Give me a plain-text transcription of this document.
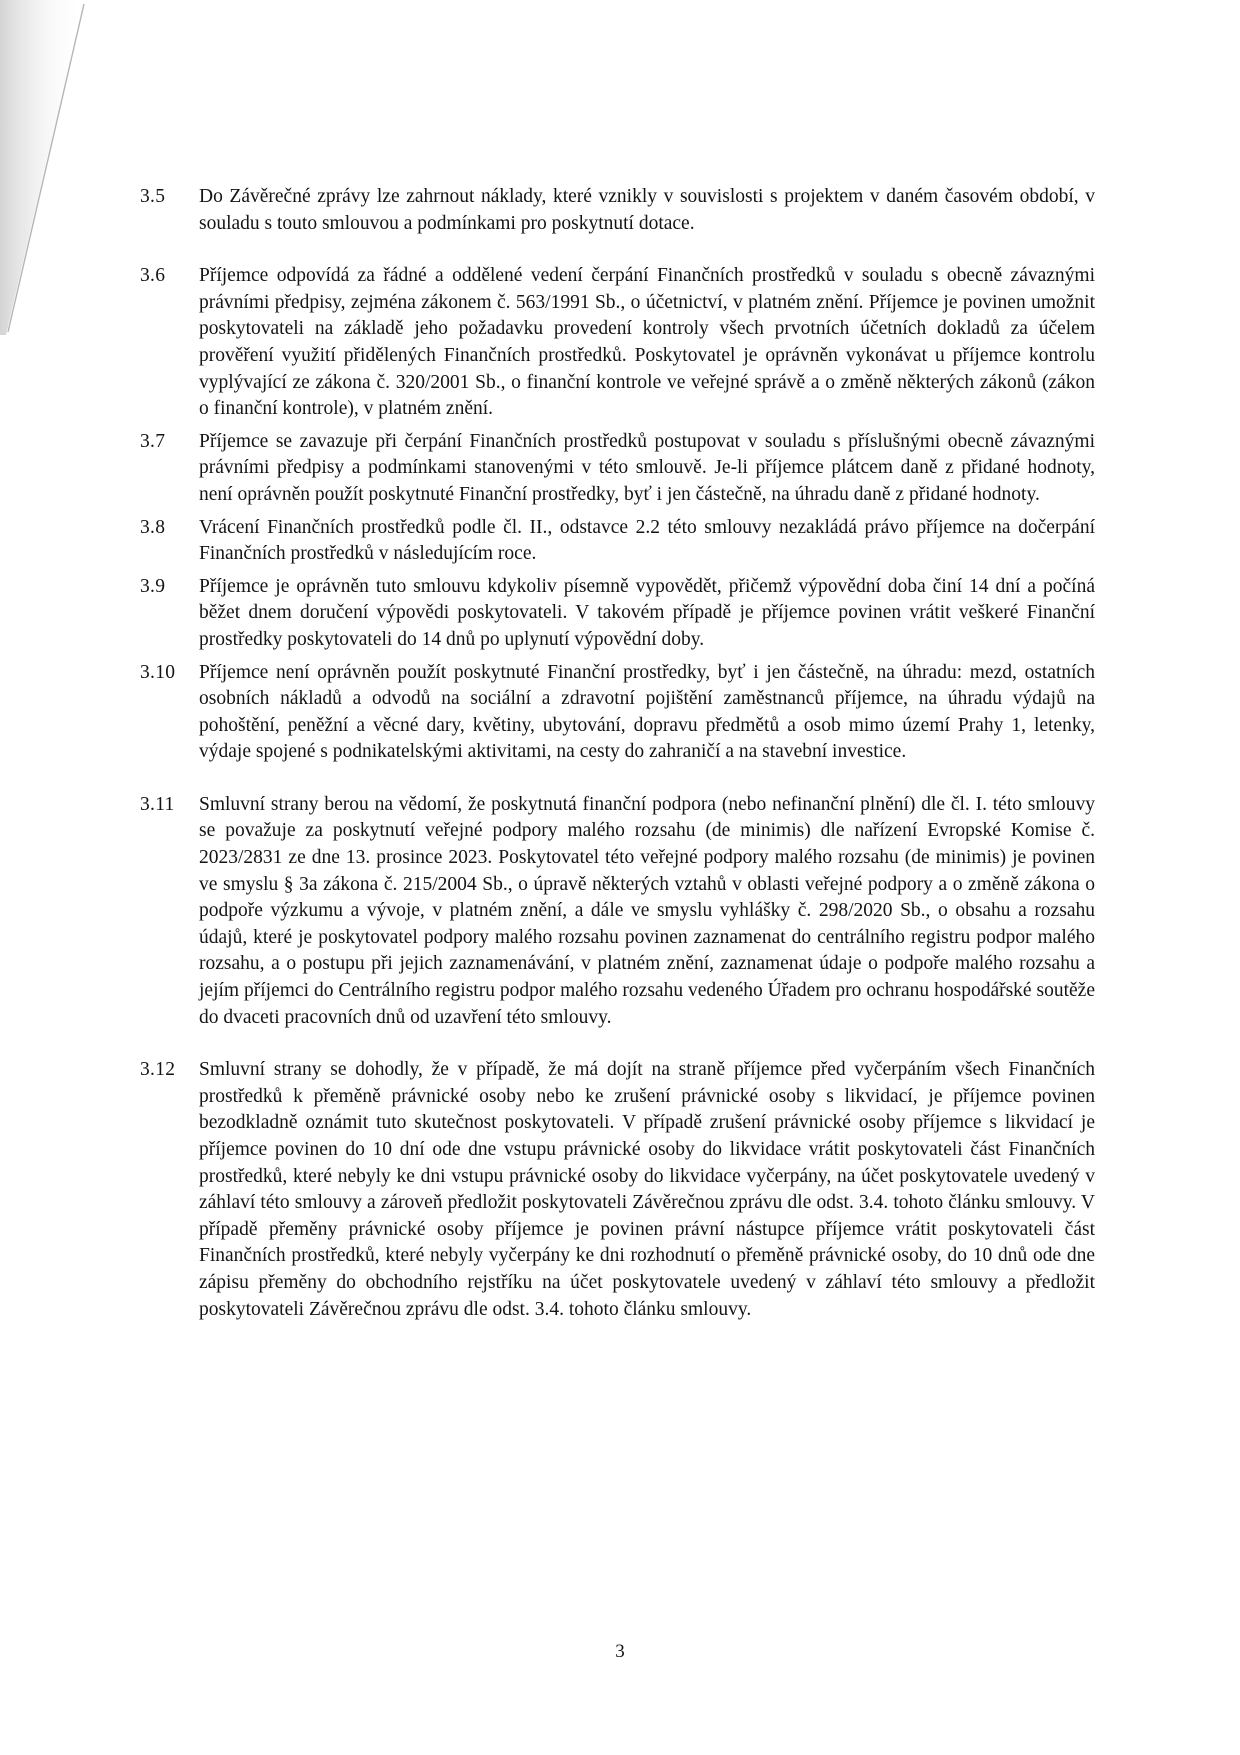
3.5	Do Závěrečné zprávy lze zahrnout náklady, které vznikly v souvislosti s projektem v daném časovém období, v souladu s touto smlouvou a podmínkami pro poskytnutí dotace.
3.6	Příjemce odpovídá za řádné a oddělené vedení čerpání Finančních prostředků v souladu s obecně závaznými právními předpisy, zejména zákonem č. 563/1991 Sb., o účetnictví, v platném znění. Příjemce je povinen umožnit poskytovateli na základě jeho požadavku provedení kontroly všech prvotních účetních dokladů za účelem prověření využití přidělených Finančních prostředků. Poskytovatel je oprávněn vykonávat u příjemce kontrolu vyplývající ze zákona č. 320/2001 Sb., o finanční kontrole ve veřejné správě a o změně některých zákonů (zákon o finanční kontrole), v platném znění.
3.7	Příjemce se zavazuje při čerpání Finančních prostředků postupovat v souladu s příslušnými obecně závaznými právními předpisy a podmínkami stanovenými v této smlouvě. Je-li příjemce plátcem daně z přidané hodnoty, není oprávněn použít poskytnuté Finanční prostředky, byť i jen částečně, na úhradu daně z přidané hodnoty.
3.8	Vrácení Finančních prostředků podle čl. II., odstavce 2.2 této smlouvy nezakládá právo příjemce na dočerpání Finančních prostředků v následujícím roce.
3.9	Příjemce je oprávněn tuto smlouvu kdykoliv písemně vypovědět, přičemž výpovědní doba činí 14 dní a počíná běžet dnem doručení výpovědi poskytovateli. V takovém případě je příjemce povinen vrátit veškeré Finanční prostředky poskytovateli do 14 dnů po uplynutí výpovědní doby.
3.10	Příjemce není oprávněn použít poskytnuté Finanční prostředky, byť i jen částečně, na úhradu: mezd, ostatních osobních nákladů a odvodů na sociální a zdravotní pojištění zaměstnanců příjemce, na úhradu výdajů na pohoštění, peněžní a věcné dary, květiny, ubytování, dopravu předmětů a osob mimo území Prahy 1, letenky, výdaje spojené s podnikatelskými aktivitami, na cesty do zahraničí a na stavební investice.
3.11	Smluvní strany berou na vědomí, že poskytnutá finanční podpora (nebo nefinanční plnění) dle čl. I. této smlouvy se považuje za poskytnutí veřejné podpory malého rozsahu (de minimis) dle nařízení Evropské Komise č. 2023/2831 ze dne 13. prosince 2023. Poskytovatel této veřejné podpory malého rozsahu (de minimis) je povinen ve smyslu § 3a zákona č. 215/2004 Sb., o úpravě některých vztahů v oblasti veřejné podpory a o změně zákona o podpoře výzkumu a vývoje, v platném znění, a dále ve smyslu vyhlášky č. 298/2020 Sb., o obsahu a rozsahu údajů, které je poskytovatel podpory malého rozsahu povinen zaznamenat do centrálního registru podpor malého rozsahu, a o postupu při jejich zaznamenávání, v platném znění, zaznamenat údaje o podpoře malého rozsahu a jejím příjemci do Centrálního registru podpor malého rozsahu vedeného Úřadem pro ochranu hospodářské soutěže do dvaceti pracovních dnů od uzavření této smlouvy.
3.12	Smluvní strany se dohodly, že v případě, že má dojít na straně příjemce před vyčerpáním všech Finančních prostředků k přeměně právnické osoby nebo ke zrušení právnické osoby s likvidací, je příjemce povinen bezodkladně oznámit tuto skutečnost poskytovateli. V případě zrušení právnické osoby příjemce s likvidací je příjemce povinen do 10 dní ode dne vstupu právnické osoby do likvidace vrátit poskytovateli část Finančních prostředků, které nebyly ke dni vstupu právnické osoby do likvidace vyčerpány, na účet poskytovatele uvedený v záhlaví této smlouvy a zároveň předložit poskytovateli Závěrečnou zprávu dle odst. 3.4. tohoto článku smlouvy. V případě přeměny právnické osoby příjemce je povinen právní nástupce příjemce vrátit poskytovateli část Finančních prostředků, které nebyly vyčerpány ke dni rozhodnutí o přeměně právnické osoby, do 10 dnů ode dne zápisu přeměny do obchodního rejstříku na účet poskytovatele uvedený v záhlaví této smlouvy a předložit poskytovateli Závěrečnou zprávu dle odst. 3.4. tohoto článku smlouvy.
3
